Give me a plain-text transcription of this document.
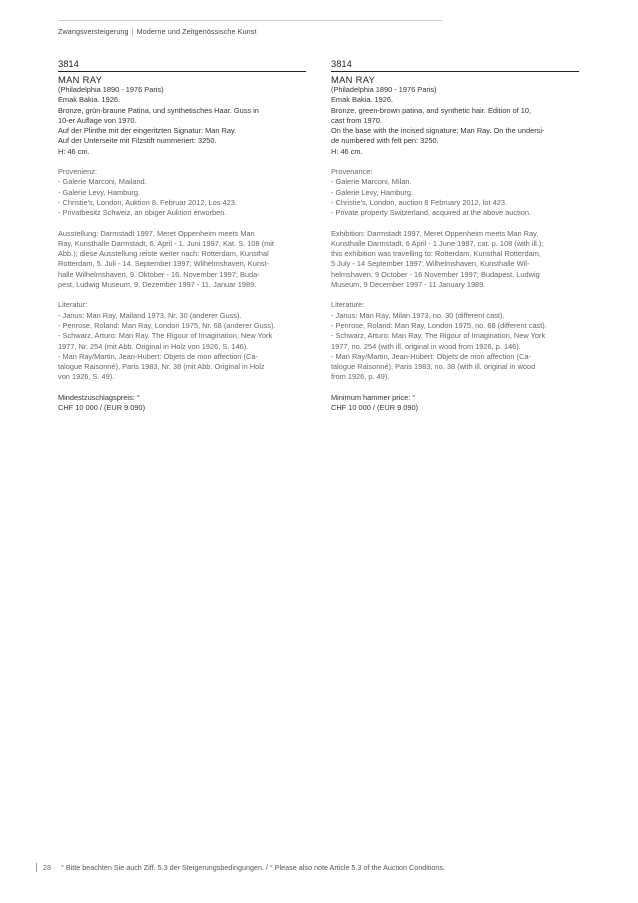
Zwangsversteigerung | Moderne und Zeitgenössische Kunst
3814
MAN RAY
(Philadelphia 1890 - 1976 Paris)
Emak Bakia. 1926.
Bronze, grün-braune Patina, und synthetisches Haar. Guss in
10-er Auflage von 1970.
Auf der Plinthe mit der eingeritzten Signatur: Man Ray.
Auf der Unterseite mit Filzstift nummeriert: 3250.
H: 46 cm.
Provenienz:
- Galerie Marconi, Mailand.
- Galerie Levy, Hamburg.
- Christie's, London, Auktion 8. Februar 2012, Los 423.
- Privatbesitz Schweiz, an obiger Auktion erworben.
Ausstellung: Darmstadt 1997, Meret Oppenheim meets Man
Ray, Kunsthalle Darmstadt, 6. April - 1. Juni 1997, Kat. S. 108 (mit
Abb.); diese Ausstellung reiste weiter nach: Rotterdam, Kunsthal
Rotterdam, 5. Juli - 14. September 1997; Wilhelmshaven, Kunst-
halle Wilhelmshaven, 9. Oktober - 16. November 1997; Buda-
pest, Ludwig Museum, 9. Dezember 1997 - 11. Januar 1989.
Literatur:
- Janus: Man Ray, Mailand 1973, Nr. 30 (anderer Guss).
- Penrose, Roland: Man Ray, London 1975, Nr. 68 (anderer Guss).
- Schwarz, Arturo: Man Ray. The Rigour of Imagination, New York
1977, Nr. 254 (mit Abb. Original in Holz von 1926, S. 146).
- Man Ray/Martin, Jean-Hubert: Objets de mon affection (Ca-
talogue Raisonné), Paris 1983, Nr. 38 (mit Abb. Original in Holz
von 1926, S. 49).
Mindestzuschlagspreis: °
CHF 10 000 / (EUR 9 090)
3814
MAN RAY
(Philadelphia 1890 - 1976 Paris)
Emak Bakia. 1926.
Bronze, green-brown patina, and synthetic hair. Edition of 10,
cast from 1970.
On the base with the incised signature: Man Ray. On the undersi-
de numbered with felt pen: 3250.
H: 46 cm.
Provenance:
- Galerie Marconi, Milan.
- Galerie Levy, Hamburg.
- Christie's, London, auction 8 February 2012, lot 423.
- Private property Switzerland, acquired at the above auction.
Exhibition: Darmstadt 1997, Meret Oppenheim meets Man Ray,
Kunsthalle Darmstadt, 6 April - 1 June 1997, cat. p. 108 (with ill.);
this exhibition was travelling to: Rotterdam, Kunsthal Rotterdam,
5 July - 14 September 1997; Wilhelmshaven, Kunsthalle Wil-
helmshaven, 9 October - 16 November 1997; Budapest, Ludwig
Museum, 9 December 1997 - 11 January 1989.
Literature:
- Janus: Man Ray, Milan 1973, no. 30 (different cast).
- Penrose, Roland: Man Ray, London 1975, no. 68 (different cast).
- Schwarz, Arturo: Man Ray. The Rigour of Imagination, New York
1977, no. 254 (with ill. original in wood from 1926, p. 146).
- Man Ray/Martin, Jean-Hubert: Objets de mon affection (Ca-
talogue Raisonné), Paris 1983, no. 38 (with ill. original in wood
from 1926, p. 49).
Minimum hammer price: °
CHF 10 000 / (EUR 9 090)
28 ° Bitte beachten Sie auch Ziff. 5.3 der Steigerungsbedingungen. / ° Please also note Article 5.3 of the Auction Conditions.
